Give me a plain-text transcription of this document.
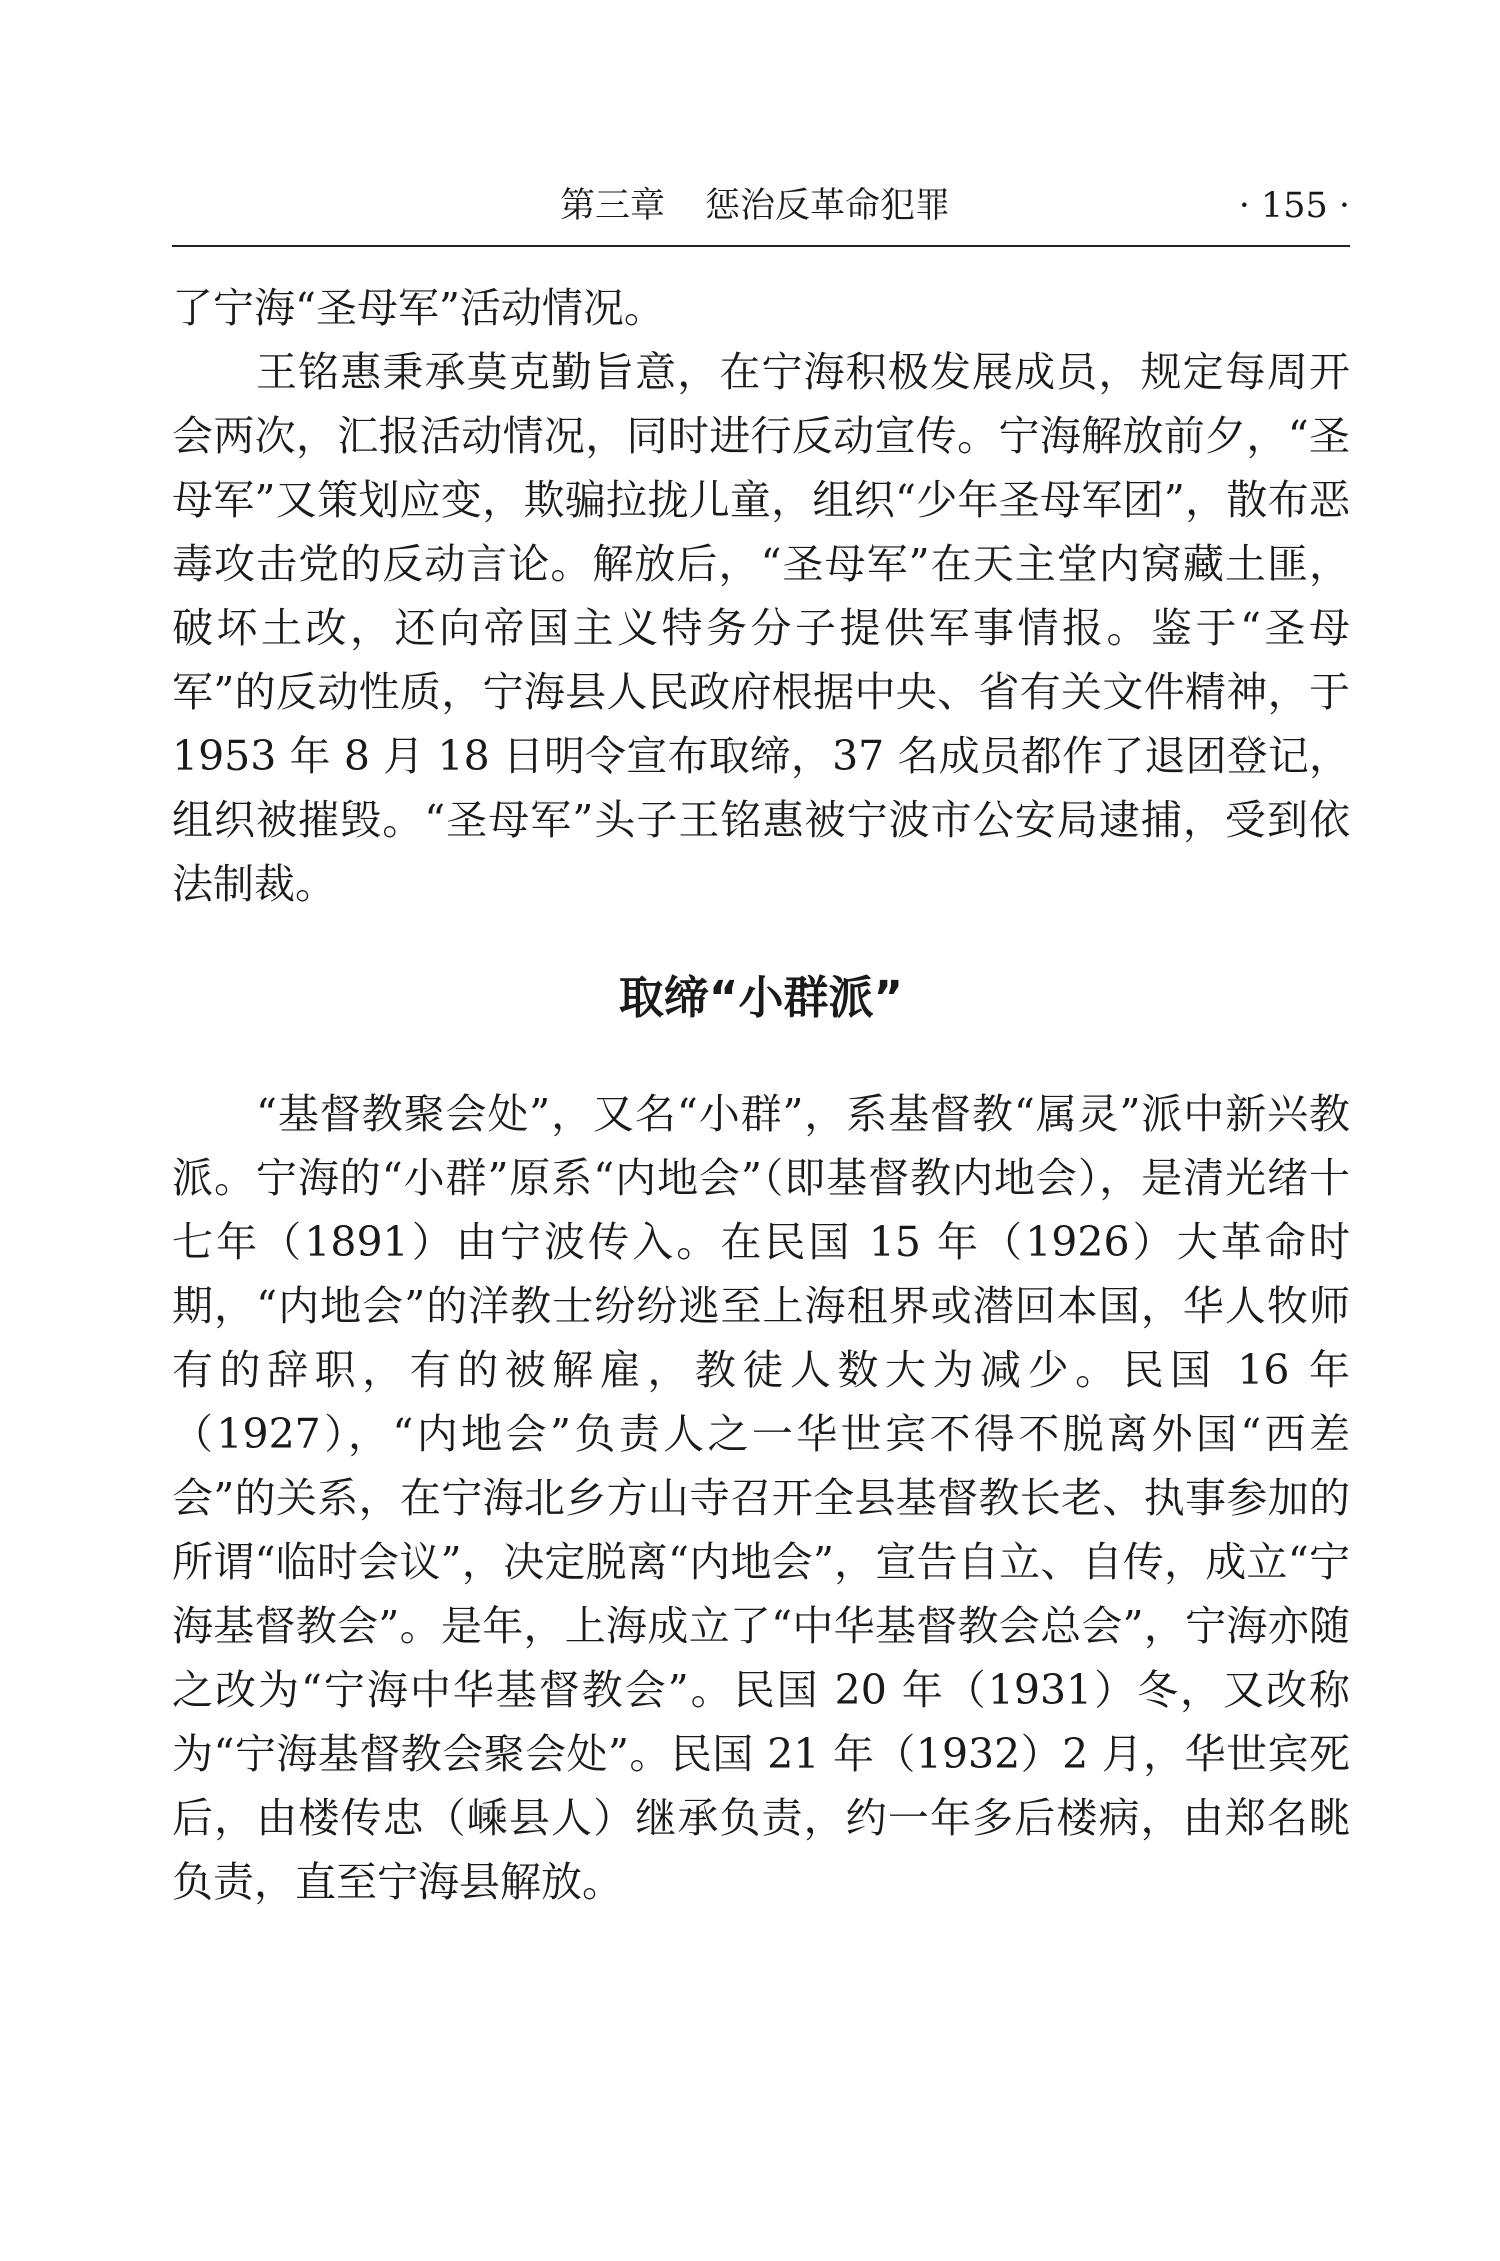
第三章 惩治反革命犯罪	· 155 ·

了宁海“圣母军”活动情况。

王铭惠秉承莫克勤旨意，在宁海积极发展成员，规定每周开会两次，汇报活动情况，同时进行反动宣传。宁海解放前夕，“圣母军”又策划应变，欺骗拉拢儿童，组织“少年圣母军团”，散布恶毒攻击党的反动言论。解放后，“圣母军”在天主堂内窝藏土匪，破坏土改，还向帝国主义特务分子提供军事情报。鉴于“圣母军”的反动性质，宁海县人民政府根据中央、省有关文件精神，于 1953 年 8 月 18 日明令宣布取缔，37 名成员都作了退团登记，组织被摧毁。“圣母军”头子王铭惠被宁波市公安局逮捕，受到依法制裁。

取缔“小群派”

“基督教聚会处”，又名“小群”，系基督教“属灵”派中新兴教派。宁海的“小群”原系“内地会”（即基督教内地会），是清光绪十七年（1891）由宁波传入。在民国 15 年（1926）大革命时期，“内地会”的洋教士纷纷逃至上海租界或潜回本国，华人牧师有的辞职，有的被解雇，教徒人数大为减少。民国 16 年（1927），“内地会”负责人之一华世宾不得不脱离外国“西差会”的关系，在宁海北乡方山寺召开全县基督教长老、执事参加的所谓“临时会议”，决定脱离“内地会”，宣告自立、自传，成立“宁海基督教会”。是年，上海成立了“中华基督教会总会”，宁海亦随之改为“宁海中华基督教会”。民国 20 年（1931）冬，又改称为“宁海基督教会聚会处”。民国 21 年（1932）2 月，华世宾死后，由楼传忠（嵊县人）继承负责，约一年多后楼病，由郑名眺负责，直至宁海县解放。
